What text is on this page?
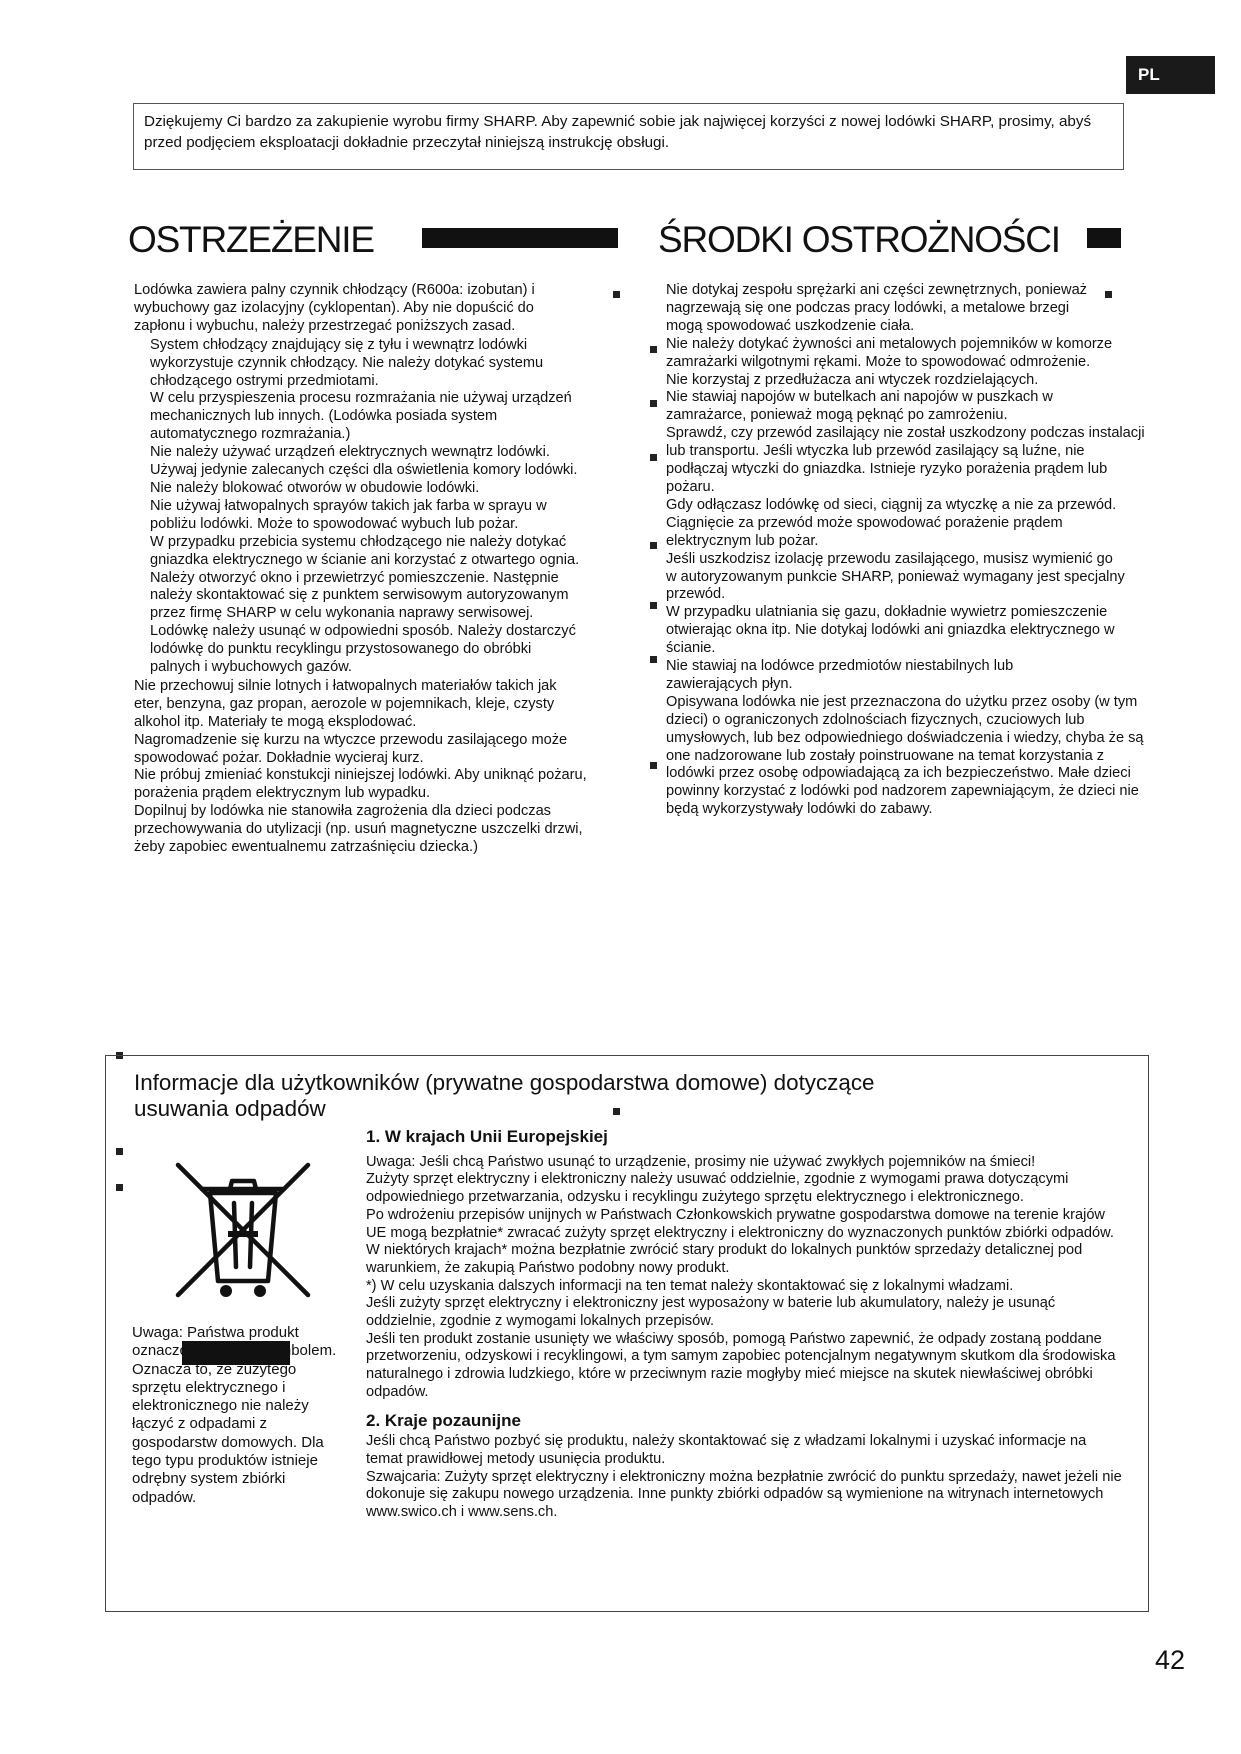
PL
Dziękujemy Ci bardzo za zakupienie wyrobu firmy SHARP. Aby zapewnić sobie jak najwięcej korzyści z nowej lodówki SHARP, prosimy, abyś przed podjęciem eksploatacji dokładnie przeczytał niniejszą instrukcję obsługi.
OSTRZEŻENIE

Lodówka zawiera palny czynnik chłodzący (R600a: izobutan) i wybuchowy gaz izolacyjny (cyklopentan). Aby nie dopuścić do zapłonu i wybuchu, należy przestrzegać poniższych zasad.

System chłodzący znajdujący się z tyłu i wewnątrz lodówki wykorzystuje czynnik chłodzący. Nie należy dotykać systemu chłodzącego ostrymi przedmiotami.

W celu przyspieszenia procesu rozmrażania nie używaj urządzeń mechanicznych lub innych. (Lodówka posiada system automatycznego rozmrażania.)

Nie należy używać urządzeń elektrycznych wewnątrz lodówki.

Używaj jedynie zalecanych części dla oświetlenia komory lodówki.

Nie należy blokować otworów w obudowie lodówki.

Nie używaj łatwopalnych sprayów takich jak farba w sprayu w pobliżu lodówki. Może to spowodować wybuch lub pożar.

W przypadku przebicia systemu chłodzącego nie należy dotykać gniazdka elektrycznego w ścianie ani korzystać z otwartego ognia. Należy otworzyć okno i przewietrzyć pomieszczenie. Następnie należy skontaktować się z punktem serwisowym autoryzowanym przez firmę SHARP w celu wykonania naprawy serwisowej.

Lodówkę należy usunąć w odpowiedni sposób. Należy dostarczyć lodówkę do punktu recyklingu przystosowanego do obróbki palnych i wybuchowych gazów.

Nie przechowuj silnie lotnych i łatwopalnych materiałów takich jak eter, benzyna, gaz propan, aerozole w pojemnikach, kleje, czysty alkohol itp. Materiały te mogą eksplodować.

Nagromadzenie się kurzu na wtyczce przewodu zasilającego może spowodować pożar. Dokładnie wycieraj kurz.

Nie próbuj zmieniać konstukcji niniejszej lodówki. Aby uniknąć pożaru, porażenia prądem elektrycznym lub wypadku.

Dopilnuj by lodówka nie stanowiła zagrożenia dla dzieci podczas przechowywania do utylizacji (np. usuń magnetyczne uszczelki drzwi, żeby zapobiec ewentualnemu zatrzaśnięciu dziecka.)

ŚRODKI OSTROŻNOŚCI

Nie dotykaj zespołu sprężarki ani części zewnętrznych, ponieważ nagrzewają się one podczas pracy lodówki, a metalowe brzegi mogą spowodować uszkodzenie ciała.

Nie należy dotykać żywności ani metalowych pojemników w komorze zamrażarki wilgotnymi rękami. Może to spowodować odmrożenie.

Nie korzystaj z przedłużacza ani wtyczek rozdzielających.

Nie stawiaj napojów w butelkach ani napojów w puszkach w zamrażarce, ponieważ mogą pęknąć po zamrożeniu.

Sprawdź, czy przewód zasilający nie został uszkodzony podczas instalacji lub transportu. Jeśli wtyczka lub przewód zasilający są luźne, nie podłączaj wtyczki do gniazdka. Istnieje ryzyko porażenia prądem lub pożaru.

Gdy odłączasz lodówkę od sieci, ciągnij za wtyczkę a nie za przewód. Ciągnięcie za przewód może spowodować porażenie prądem elektrycznym lub pożar.

Jeśli uszkodzisz izolację przewodu zasilającego, musisz wymienić go w autoryzowanym punkcie SHARP, ponieważ wymagany jest specjalny przewód.

W przypadku ulatniania się gazu, dokładnie wywietrz pomieszczenie otwierając okna itp. Nie dotykaj lodówki ani gniazdka elektrycznego w ścianie.

Nie stawiaj na lodówce przedmiotów niestabilnych lub zawierających płyn.

Opisywana lodówka nie jest przeznaczona do użytku przez osoby (w tym dzieci) o ograniczonych zdolnościach fizycznych, czuciowych lub umysłowych, lub bez odpowiedniego doświadczenia i wiedzy, chyba że są one nadzorowane lub zostały poinstruowane na temat korzystania z lodówki przez osobę odpowiadającą za ich bezpieczeństwo. Małe dzieci powinny korzystać z lodówki pod nadzorem zapewniającym, że dzieci nie będą wykorzystywały lodówki do zabawy.

Informacje dla użytkowników (prywatne gospodarstwa domowe) dotyczące
usuwania odpadów
Uwaga: Państwa produkt oznaczony jest tym symbolem. Oznacza to, że zużytego sprzętu elektrycznego i elektronicznego nie należy łączyć z odpadami z gospodarstw domowych. Dla tego typu produktów istnieje odrębny system zbiórki odpadów.

1. W krajach Unii Europejskiej

Uwaga: Jeśli chcą Państwo usunąć to urządzenie, prosimy nie używać zwykłych pojemników na śmieci!

Zużyty sprzęt elektryczny i elektroniczny należy usuwać oddzielnie, zgodnie z wymogami prawa dotyczącymi odpowiedniego przetwarzania, odzysku i recyklingu zużytego sprzętu elektrycznego i elektronicznego.

Po wdrożeniu przepisów unijnych w Państwach Członkowskich prywatne gospodarstwa domowe na terenie krajów UE mogą bezpłatnie* zwracać zużyty sprzęt elektryczny i elektroniczny do wyznaczonych punktów zbiórki odpadów. W niektórych krajach* można bezpłatnie zwrócić stary produkt do lokalnych punktów sprzedaży detalicznej pod warunkiem, że zakupią Państwo podobny nowy produkt.

*) W celu uzyskania dalszych informacji na ten temat należy skontaktować się z lokalnymi władzami.

Jeśli zużyty sprzęt elektryczny i elektroniczny jest wyposażony w baterie lub akumulatory, należy je usunąć oddzielnie, zgodnie z wymogami lokalnych przepisów.

Jeśli ten produkt zostanie usunięty we właściwy sposób, pomogą Państwo zapewnić, że odpady zostaną poddane przetworzeniu, odzyskowi i recyklingowi, a tym samym zapobiec potencjalnym negatywnym skutkom dla środowiska naturalnego i zdrowia ludzkiego, które w przeciwnym razie mogłyby mieć miejsce na skutek niewłaściwej obróbki odpadów.

2. Kraje pozaunijne

Jeśli chcą Państwo pozbyć się produktu, należy skontaktować się z władzami lokalnymi i uzyskać informacje na temat prawidłowej metody usunięcia produktu.

Szwajcaria: Zużyty sprzęt elektryczny i elektroniczny można bezpłatnie zwrócić do punktu sprzedaży, nawet jeżeli nie dokonuje się zakupu nowego urządzenia. Inne punkty zbiórki odpadów są wymienione na witrynach internetowych www.swico.ch i www.sens.ch.

42
